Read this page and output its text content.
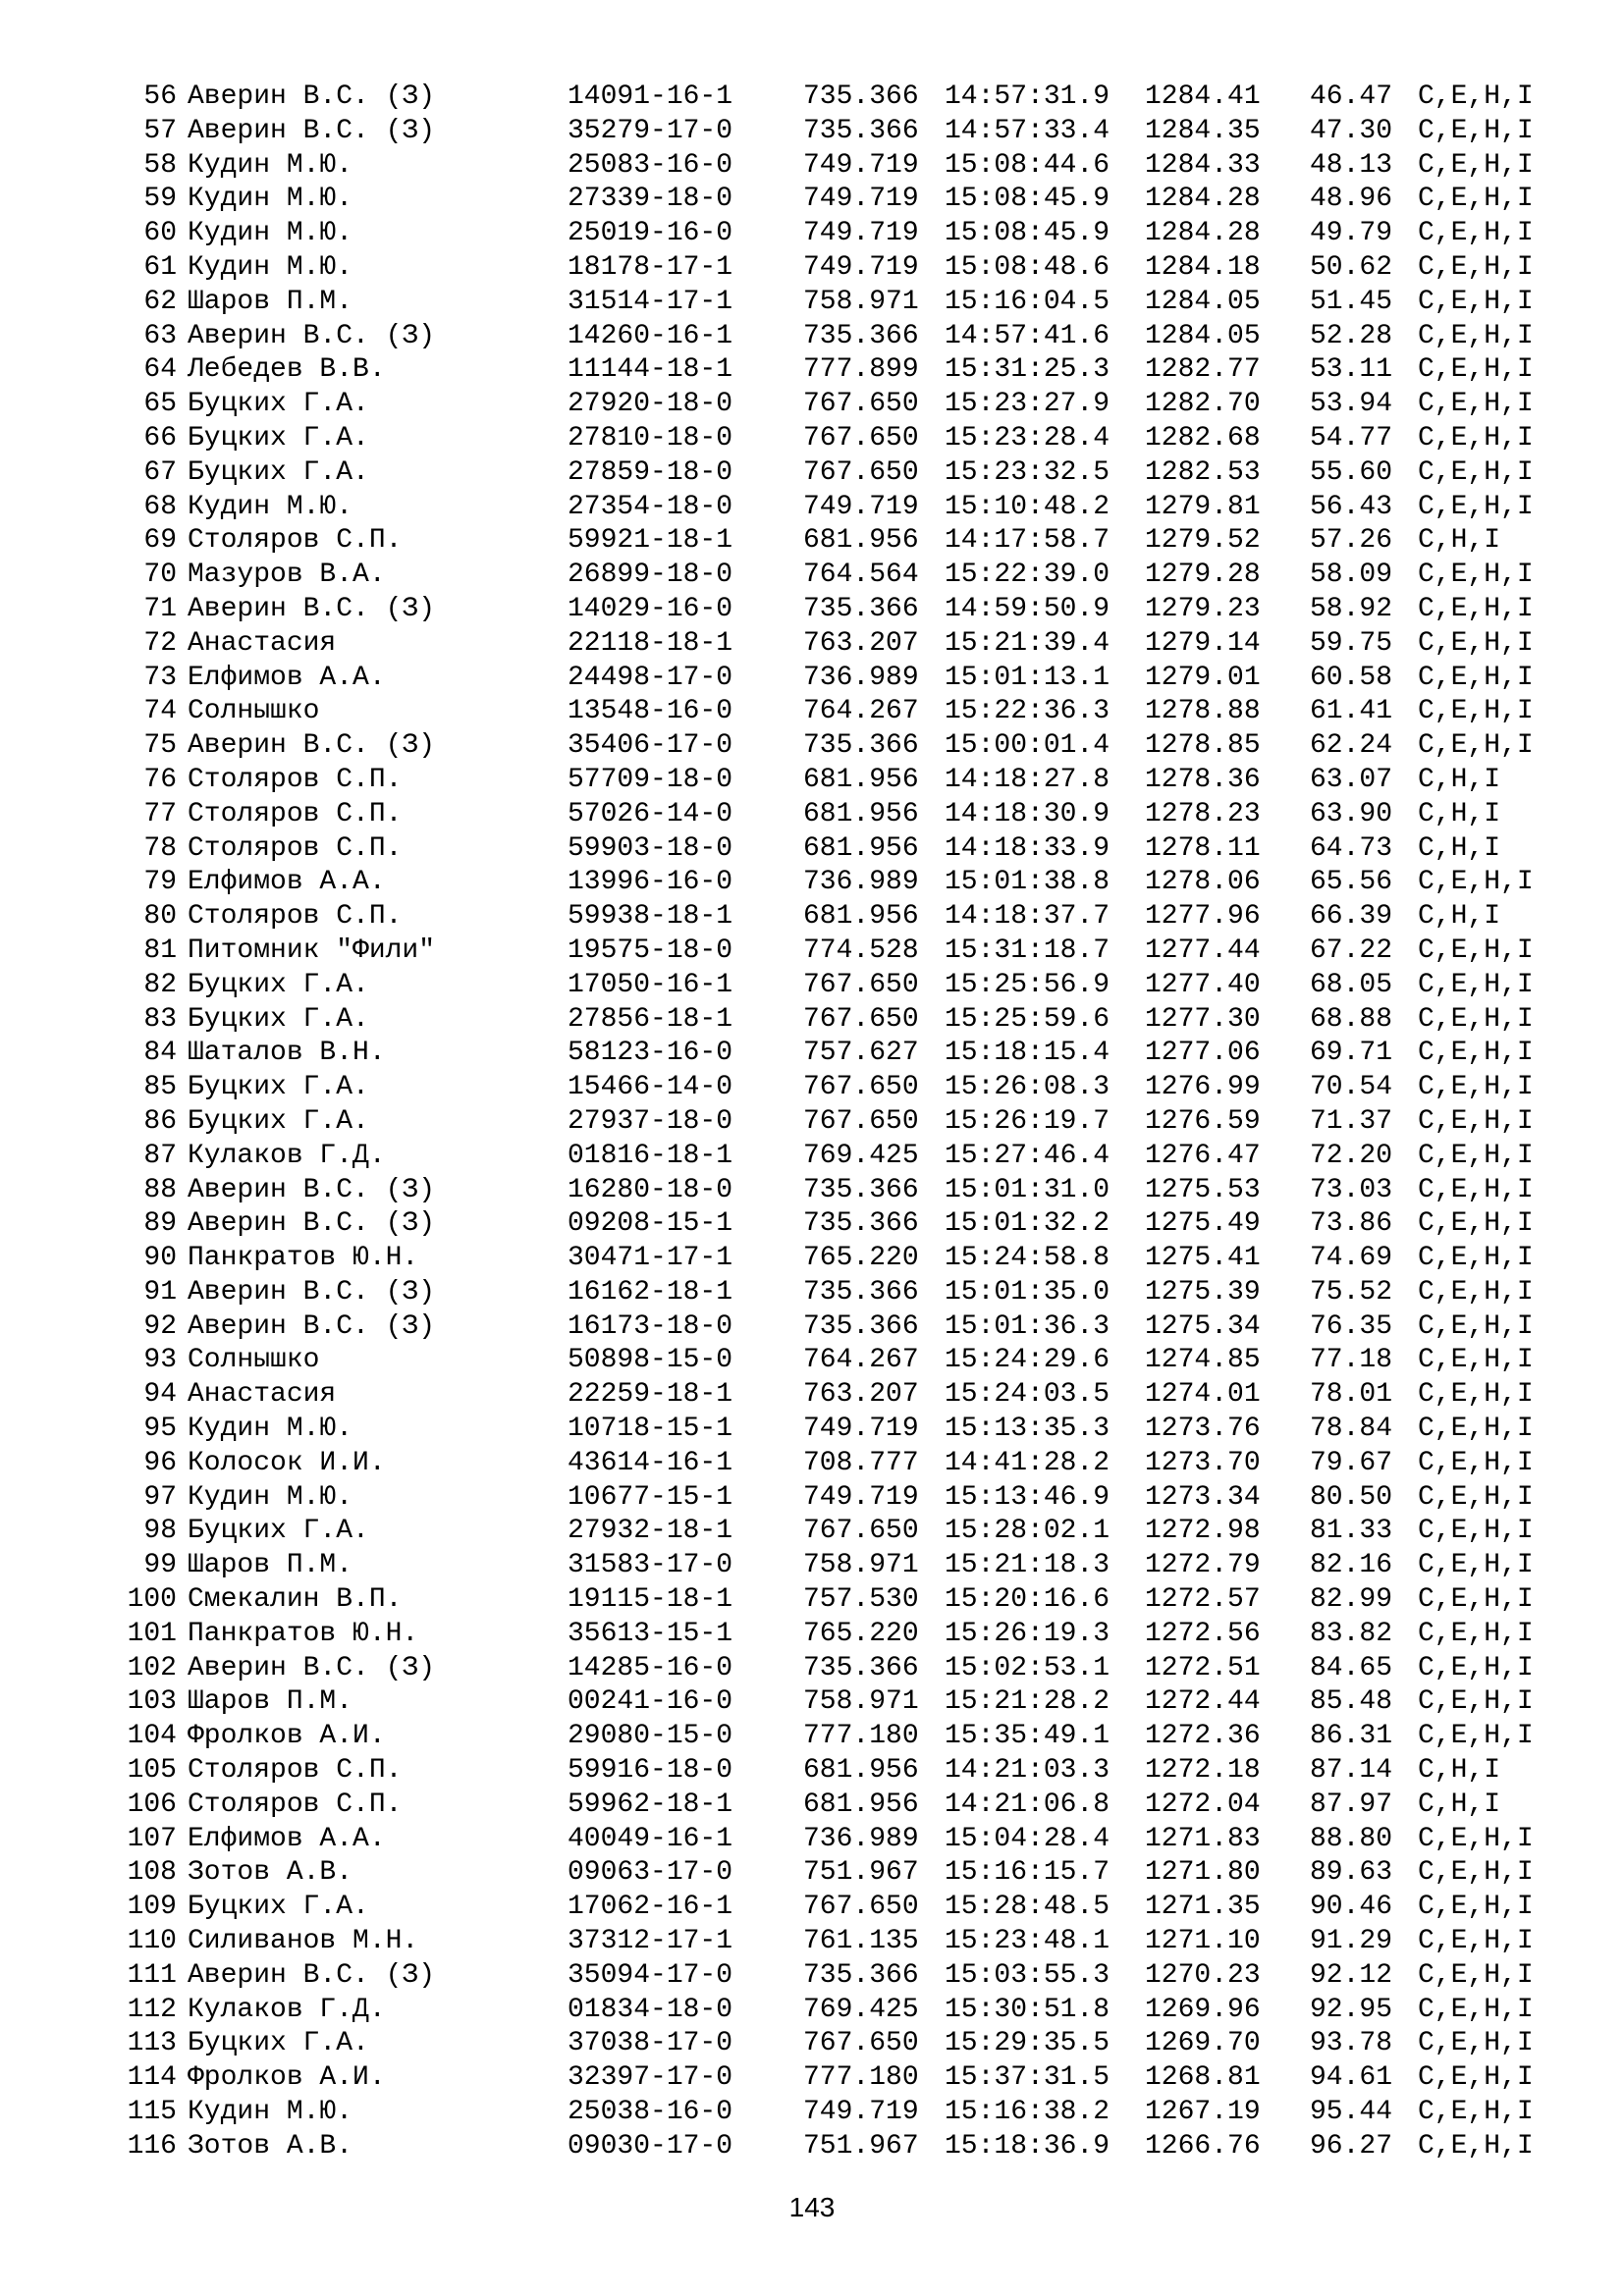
56 Аверин В.С. (З)	14091-16-1	735.366 14:57:31.9 1284.41 46.47 C,E,H,I
57 Аверин В.С. (З)	35279-17-0	735.366 14:57:33.4 1284.35 47.30 C,E,H,I
58 Кудин М.Ю.	25083-16-0	749.719 15:08:44.6 1284.33 48.13 C,E,H,I
59 Кудин М.Ю.	27339-18-0	749.719 15:08:45.9 1284.28 48.96 C,E,H,I
60 Кудин М.Ю.	25019-16-0	749.719 15:08:45.9 1284.28 49.79 C,E,H,I
61 Кудин М.Ю.	18178-17-1	749.719 15:08:48.6 1284.18 50.62 C,E,H,I
62 Шаров П.М.	31514-17-1	758.971 15:16:04.5 1284.05 51.45 C,E,H,I
63 Аверин В.С. (З)	14260-16-1	735.366 14:57:41.6 1284.05 52.28 C,E,H,I
64 Лебедев В.В.	11144-18-1	777.899 15:31:25.3 1282.77 53.11 C,E,H,I
65 Буцких Г.А.	27920-18-0	767.650 15:23:27.9 1282.70 53.94 C,E,H,I
66 Буцких Г.А.	27810-18-0	767.650 15:23:28.4 1282.68 54.77 C,E,H,I
67 Буцких Г.А.	27859-18-0	767.650 15:23:32.5 1282.53 55.60 C,E,H,I
68 Кудин М.Ю.	27354-18-0	749.719 15:10:48.2 1279.81 56.43 C,E,H,I
69 Столяров С.П.	59921-18-1	681.956 14:17:58.7 1279.52 57.26 C,H,I
70 Мазуров В.А.	26899-18-0	764.564 15:22:39.0 1279.28 58.09 C,E,H,I
71 Аверин В.С. (З)	14029-16-0	735.366 14:59:50.9 1279.23 58.92 C,E,H,I
72 Анастасия	22118-18-1	763.207 15:21:39.4 1279.14 59.75 C,E,H,I
73 Елфимов А.А.	24498-17-0	736.989 15:01:13.1 1279.01 60.58 C,E,H,I
74 Солнышко	13548-16-0	764.267 15:22:36.3 1278.88 61.41 C,E,H,I
75 Аверин В.С. (З)	35406-17-0	735.366 15:00:01.4 1278.85 62.24 C,E,H,I
76 Столяров С.П.	57709-18-0	681.956 14:18:27.8 1278.36 63.07 C,H,I
77 Столяров С.П.	57026-14-0	681.956 14:18:30.9 1278.23 63.90 C,H,I
78 Столяров С.П.	59903-18-0	681.956 14:18:33.9 1278.11 64.73 C,H,I
79 Елфимов А.А.	13996-16-0	736.989 15:01:38.8 1278.06 65.56 C,E,H,I
80 Столяров С.П.	59938-18-1	681.956 14:18:37.7 1277.96 66.39 C,H,I
81 Питомник "Фили"	19575-18-0	774.528 15:31:18.7 1277.44 67.22 C,E,H,I
82 Буцких Г.А.	17050-16-1	767.650 15:25:56.9 1277.40 68.05 C,E,H,I
83 Буцких Г.А.	27856-18-1	767.650 15:25:59.6 1277.30 68.88 C,E,H,I
84 Шаталов В.Н.	58123-16-0	757.627 15:18:15.4 1277.06 69.71 C,E,H,I
85 Буцких Г.А.	15466-14-0	767.650 15:26:08.3 1276.99 70.54 C,E,H,I
86 Буцких Г.А.	27937-18-0	767.650 15:26:19.7 1276.59 71.37 C,E,H,I
87 Кулаков Г.Д.	01816-18-1	769.425 15:27:46.4 1276.47 72.20 C,E,H,I
88 Аверин В.С. (З)	16280-18-0	735.366 15:01:31.0 1275.53 73.03 C,E,H,I
89 Аверин В.С. (З)	09208-15-1	735.366 15:01:32.2 1275.49 73.86 C,E,H,I
90 Панкратов Ю.Н.	30471-17-1	765.220 15:24:58.8 1275.41 74.69 C,E,H,I
91 Аверин В.С. (З)	16162-18-1	735.366 15:01:35.0 1275.39 75.52 C,E,H,I
92 Аверин В.С. (З)	16173-18-0	735.366 15:01:36.3 1275.34 76.35 C,E,H,I
93 Солнышко	50898-15-0	764.267 15:24:29.6 1274.85 77.18 C,E,H,I
94 Анастасия	22259-18-1	763.207 15:24:03.5 1274.01 78.01 C,E,H,I
95 Кудин М.Ю.	10718-15-1	749.719 15:13:35.3 1273.76 78.84 C,E,H,I
96 Колосок И.И.	43614-16-1	708.777 14:41:28.2 1273.70 79.67 C,E,H,I
97 Кудин М.Ю.	10677-15-1	749.719 15:13:46.9 1273.34 80.50 C,E,H,I
98 Буцких Г.А.	27932-18-1	767.650 15:28:02.1 1272.98 81.33 C,E,H,I
99 Шаров П.М.	31583-17-0	758.971 15:21:18.3 1272.79 82.16 C,E,H,I
100 Смекалин В.П.	19115-18-1	757.530 15:20:16.6 1272.57 82.99 C,E,H,I
101 Панкратов Ю.Н.	35613-15-1	765.220 15:26:19.3 1272.56 83.82 C,E,H,I
102 Аверин В.С. (З)	14285-16-0	735.366 15:02:53.1 1272.51 84.65 C,E,H,I
103 Шаров П.М.	00241-16-0	758.971 15:21:28.2 1272.44 85.48 C,E,H,I
104 Фролков А.И.	29080-15-0	777.180 15:35:49.1 1272.36 86.31 C,E,H,I
105 Столяров С.П.	59916-18-0	681.956 14:21:03.3 1272.18 87.14 C,H,I
106 Столяров С.П.	59962-18-1	681.956 14:21:06.8 1272.04 87.97 C,H,I
107 Елфимов А.А.	40049-16-1	736.989 15:04:28.4 1271.83 88.80 C,E,H,I
108 Зотов А.В.	09063-17-0	751.967 15:16:15.7 1271.80 89.63 C,E,H,I
109 Буцких Г.А.	17062-16-1	767.650 15:28:48.5 1271.35 90.46 C,E,H,I
110 Силиванов М.Н.	37312-17-1	761.135 15:23:48.1 1271.10 91.29 C,E,H,I
111 Аверин В.С. (З)	35094-17-0	735.366 15:03:55.3 1270.23 92.12 C,E,H,I
112 Кулаков Г.Д.	01834-18-0	769.425 15:30:51.8 1269.96 92.95 C,E,H,I
113 Буцких Г.А.	37038-17-0	767.650 15:29:35.5 1269.70 93.78 C,E,H,I
114 Фролков А.И.	32397-17-0	777.180 15:37:31.5 1268.81 94.61 C,E,H,I
115 Кудин М.Ю.	25038-16-0	749.719 15:16:38.2 1267.19 95.44 C,E,H,I
116 Зотов А.В.	09030-17-0	751.967 15:18:36.9 1266.76 96.27 C,E,H,I
143
